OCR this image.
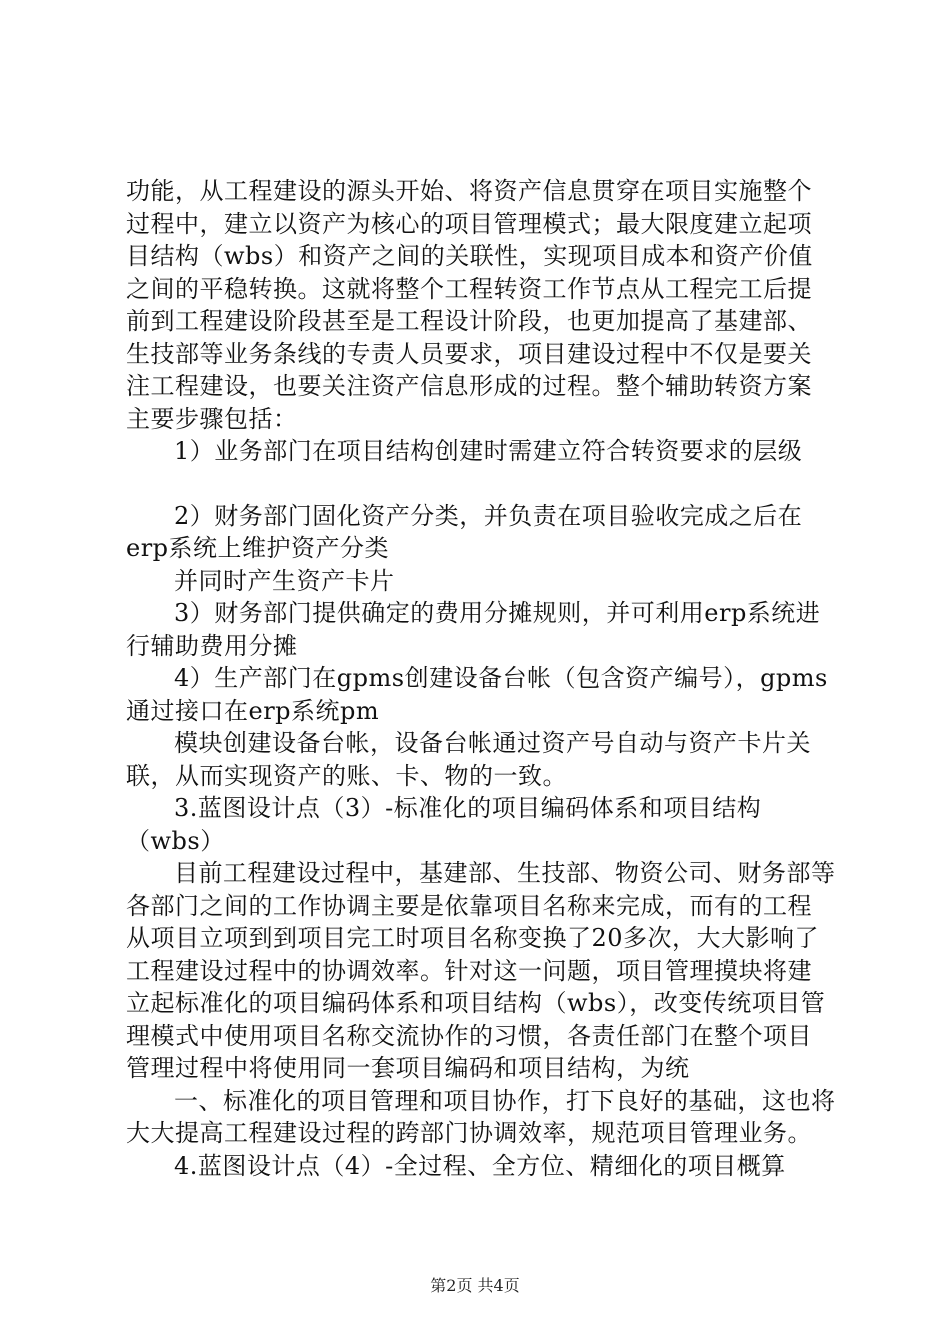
功能，从工程建设的源头开始、将资产信息贯穿在项目实施整个过程中，建立以资产为核心的项目管理模式；最大限度建立起项目结构（wbs）和资产之间的关联性，实现项目成本和资产价值之间的平稳转换。这就将整个工程转资工作节点从工程完工后提前到工程建设阶段甚至是工程设计阶段，也更加提高了基建部、生技部等业务条线的专责人员要求，项目建设过程中不仅是要关注工程建设，也要关注资产信息形成的过程。整个辅助转资方案主要步骤包括：

1）业务部门在项目结构创建时需建立符合转资要求的层级

2）财务部门固化资产分类，并负责在项目验收完成之后在erp系统上维护资产分类

并同时产生资产卡片

3）财务部门提供确定的费用分摊规则，并可利用erp系统进行辅助费用分摊

4）生产部门在gpms创建设备台帐（包含资产编号），gpms通过接口在erp系统pm

模块创建设备台帐，设备台帐通过资产号自动与资产卡片关联，从而实现资产的账、卡、物的一致。

3.蓝图设计点（3）-标准化的项目编码体系和项目结构（wbs）

目前工程建设过程中，基建部、生技部、物资公司、财务部等各部门之间的工作协调主要是依靠项目名称来完成，而有的工程从项目立项到到项目完工时项目名称变换了20多次，大大影响了工程建设过程中的协调效率。针对这一问题，项目管理摸块将建立起标准化的项目编码体系和项目结构（wbs），改变传统项目管理模式中使用项目名称交流协作的习惯，各责任部门在整个项目管理过程中将使用同一套项目编码和项目结构，为统

一、标准化的项目管理和项目协作，打下良好的基础，这也将大大提高工程建设过程的跨部门协调效率，规范项目管理业务。

4.蓝图设计点（4）-全过程、全方位、精细化的项目概算

第2页 共4页
